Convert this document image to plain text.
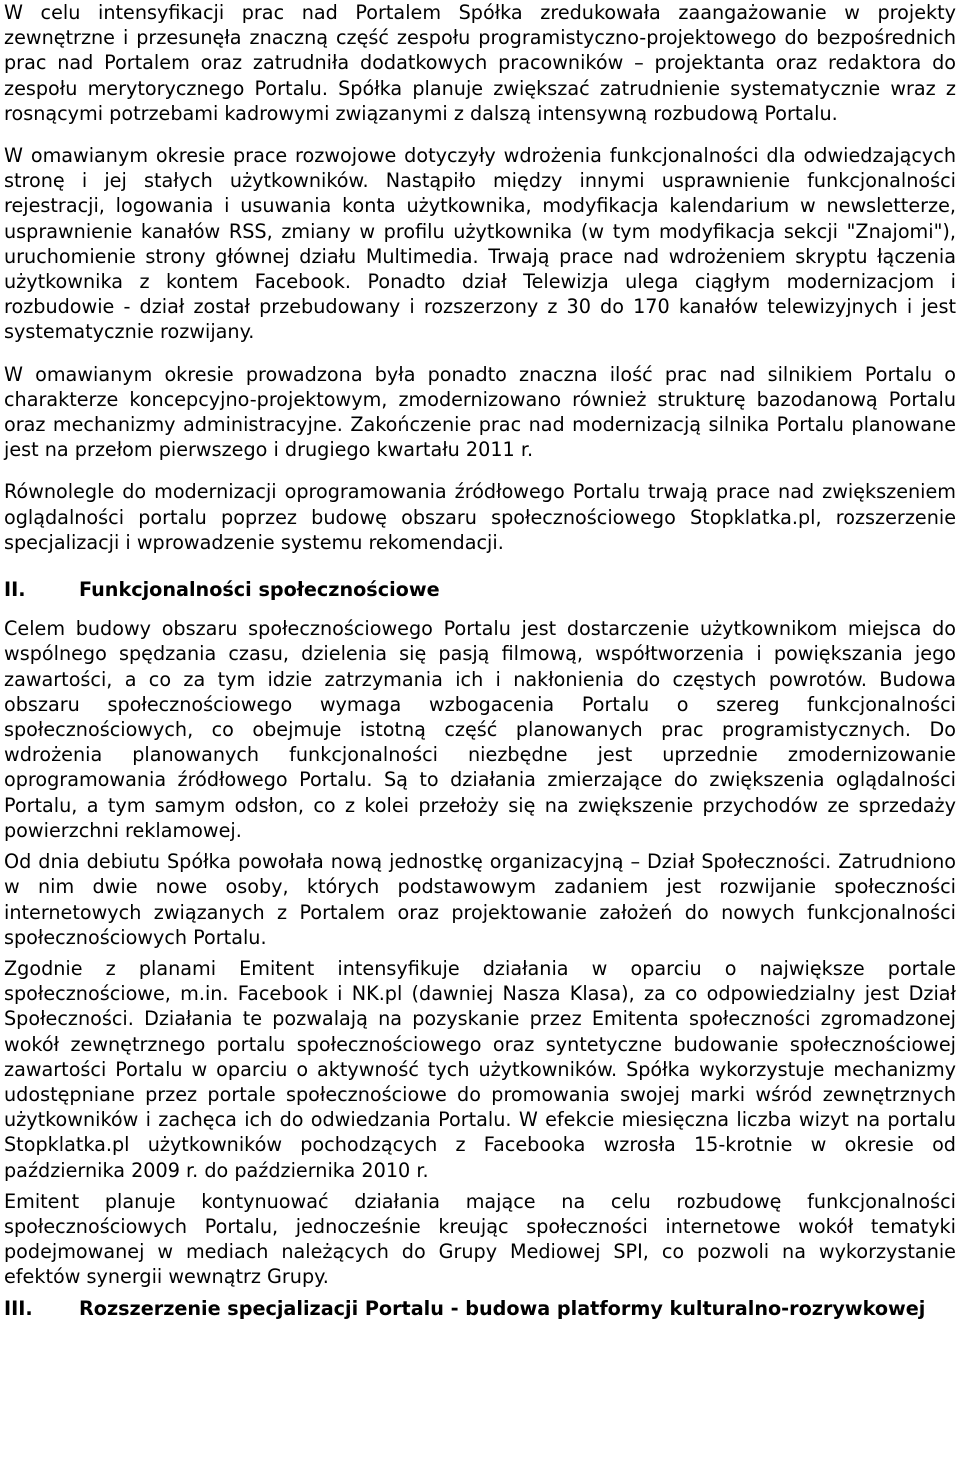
W celu intensyfikacji prac nad Portalem Spółka zredukowała zaangażowanie w projekty zewnętrzne i przesunęła znaczną część zespołu programistyczno-projektowego do bezpośrednich prac nad Portalem oraz zatrudniła dodatkowych pracowników – projektanta oraz redaktora do zespołu merytorycznego Portalu. Spółka planuje zwiększać zatrudnienie systematycznie wraz z rosnącymi potrzebami kadrowymi związanymi z dalszą intensywną rozbudową Portalu.

W omawianym okresie prace rozwojowe dotyczyły wdrożenia funkcjonalności dla odwiedzających stronę i jej stałych użytkowników. Nastąpiło między innymi usprawnienie funkcjonalności rejestracji, logowania i usuwania konta użytkownika, modyfikacja kalendarium w newsletterze, usprawnienie kanałów RSS, zmiany w profilu użytkownika (w tym modyfikacja sekcji "Znajomi"), uruchomienie strony głównej działu Multimedia. Trwają prace nad wdrożeniem skryptu łączenia użytkownika z kontem Facebook. Ponadto dział Telewizja ulega ciągłym modernizacjom i rozbudowie - dział został przebudowany i rozszerzony z 30 do 170 kanałów telewizyjnych i jest systematycznie rozwijany.

W omawianym okresie prowadzona była ponadto znaczna ilość prac nad silnikiem Portalu o charakterze koncepcyjno-projektowym, zmodernizowano również strukturę bazodanową Portalu oraz mechanizmy administracyjne. Zakończenie prac nad modernizacją silnika Portalu planowane jest na przełom pierwszego i drugiego kwartału 2011 r.

Równolegle do modernizacji oprogramowania źródłowego Portalu trwają prace nad zwiększeniem oglądalności portalu poprzez budowę obszaru społecznościowego Stopklatka.pl, rozszerzenie specjalizacji i wprowadzenie systemu rekomendacji.

II.	Funkcjonalności społecznościowe

Celem budowy obszaru społecznościowego Portalu jest dostarczenie użytkownikom miejsca do wspólnego spędzania czasu, dzielenia się pasją filmową, współtworzenia i powiększania jego zawartości, a co za tym idzie zatrzymania ich i nakłonienia do częstych powrotów. Budowa obszaru społecznościowego wymaga wzbogacenia Portalu o szereg funkcjonalności społecznościowych, co obejmuje istotną część planowanych prac programistycznych. Do wdrożenia planowanych funkcjonalności niezbędne jest uprzednie zmodernizowanie oprogramowania źródłowego Portalu. Są to działania zmierzające do zwiększenia oglądalności Portalu, a tym samym odsłon, co z kolei przełoży się na zwiększenie przychodów ze sprzedaży powierzchni reklamowej.

Od dnia debiutu Spółka powołała nową jednostkę organizacyjną – Dział Społeczności. Zatrudniono w nim dwie nowe osoby, których podstawowym zadaniem jest rozwijanie społeczności internetowych związanych z Portalem oraz projektowanie założeń do nowych funkcjonalności społecznościowych Portalu.

Zgodnie z planami Emitent intensyfikuje działania w oparciu o największe portale społecznościowe, m.in. Facebook i NK.pl (dawniej Nasza Klasa), za co odpowiedzialny jest Dział Społeczności. Działania te pozwalają na pozyskanie przez Emitenta społeczności zgromadzonej wokół zewnętrznego portalu społecznościowego oraz syntetyczne budowanie społecznościowej zawartości Portalu w oparciu o aktywność tych użytkowników. Spółka wykorzystuje mechanizmy udostępniane przez portale społecznościowe do promowania swojej marki wśród zewnętrznych użytkowników i zachęca ich do odwiedzania Portalu. W efekcie miesięczna liczba wizyt na portalu Stopklatka.pl użytkowników pochodzących z Facebooka wzrosła 15-krotnie w okresie od października 2009 r. do października 2010 r.

Emitent planuje kontynuować działania mające na celu rozbudowę funkcjonalności społecznościowych Portalu, jednocześnie kreując społeczności internetowe wokół tematyki podejmowanej w mediach należących do Grupy Mediowej SPI, co pozwoli na wykorzystanie efektów synergii wewnątrz Grupy.

III.	Rozszerzenie specjalizacji Portalu - budowa platformy kulturalno-rozrywkowej
